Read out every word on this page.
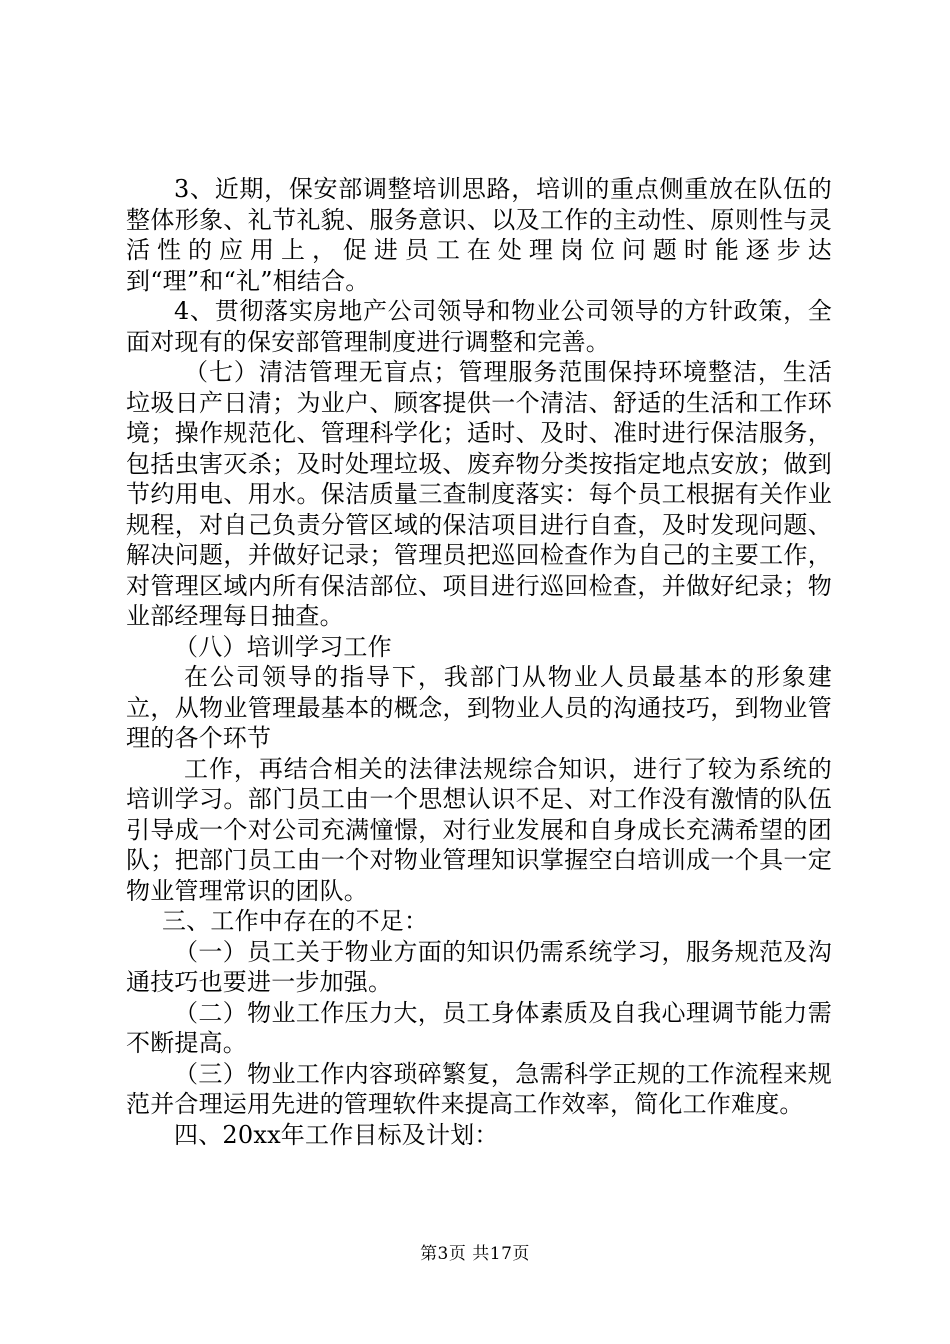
3、近期，保安部调整培训思路，培训的重点侧重放在队伍的整体形象、礼节礼貌、服务意识、以及工作的主动性、原则性与灵活性的应用上，促进员工在处理岗位问题时能逐步达到“理”和“礼”相结合。

4、贯彻落实房地产公司领导和物业公司领导的方针政策，全面对现有的保安部管理制度进行调整和完善。

（七）清洁管理无盲点；管理服务范围保持环境整洁，生活垃圾日产日清；为业户、顾客提供一个清洁、舒适的生活和工作环境；操作规范化、管理科学化；适时、及时、准时进行保洁服务，包括虫害灭杀；及时处理垃圾、废弃物分类按指定地点安放；做到节约用电、用水。保洁质量三查制度落实：每个员工根据有关作业规程，对自己负责分管区域的保洁项目进行自查，及时发现问题、解决问题，并做好记录；管理员把巡回检查作为自己的主要工作，对管理区域内所有保洁部位、项目进行巡回检查，并做好纪录；物业部经理每日抽查。

（八）培训学习工作

在公司领导的指导下，我部门从物业人员最基本的形象建立，从物业管理最基本的概念，到物业人员的沟通技巧，到物业管理的各个环节

工作，再结合相关的法律法规综合知识，进行了较为系统的培训学习。部门员工由一个思想认识不足、对工作没有激情的队伍引导成一个对公司充满憧憬，对行业发展和自身成长充满希望的团队；把部门员工由一个对物业管理知识掌握空白培训成一个具一定物业管理常识的团队。

三、工作中存在的不足：

（一）员工关于物业方面的知识仍需系统学习，服务规范及沟通技巧也要进一步加强。

（二）物业工作压力大，员工身体素质及自我心理调节能力需不断提高。

（三）物业工作内容琐碎繁复，急需科学正规的工作流程来规范并合理运用先进的管理软件来提高工作效率，简化工作难度。

四、20xx年工作目标及计划：

第3页 共17页
